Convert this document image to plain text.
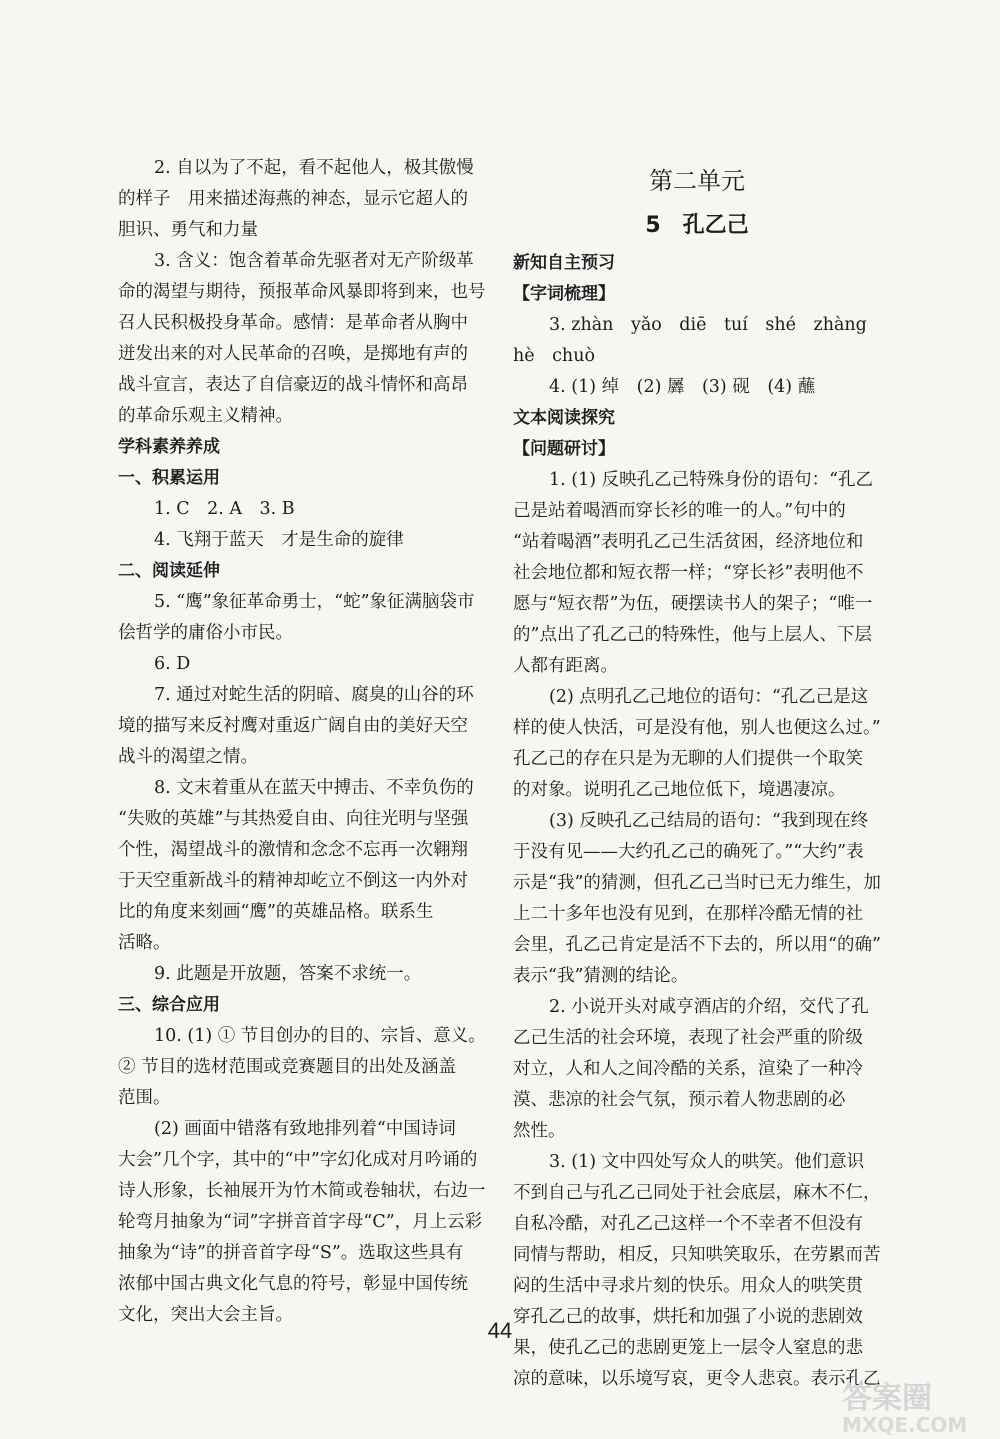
2. 自以为了不起，看不起他人，极其傲慢
的样子　用来描述海燕的神态，显示它超人的
胆识、勇气和力量
3. 含义：饱含着革命先驱者对无产阶级革
命的渴望与期待，预报革命风暴即将到来，也号
召人民积极投身革命。感情：是革命者从胸中
迸发出来的对人民革命的召唤，是掷地有声的
战斗宣言，表达了自信豪迈的战斗情怀和高昂
的革命乐观主义精神。
学科素养养成
一、积累运用
1. C　2. A　3. B
4. 飞翔于蓝天　才是生命的旋律
二、阅读延伸
5. “鹰”象征革命勇士，“蛇”象征满脑袋市
侩哲学的庸俗小市民。
6. D
7. 通过对蛇生活的阴暗、腐臭的山谷的环
境的描写来反衬鹰对重返广阔自由的美好天空
战斗的渴望之情。
8. 文末着重从在蓝天中搏击、不幸负伤的
“失败的英雄”与其热爱自由、向往光明与坚强
个性，渴望战斗的激情和念念不忘再一次翱翔
于天空重新战斗的精神却屹立不倒这一内外对
比的角度来刻画“鹰”的英雄品格。联系生
活略。
9. 此题是开放题，答案不求统一。
三、综合应用
10. (1) ① 节目创办的目的、宗旨、意义。
② 节目的选材范围或竞赛题目的出处及涵盖
范围。
(2) 画面中错落有致地排列着“中国诗词
大会”几个字，其中的“中”字幻化成对月吟诵的
诗人形象，长袖展开为竹木简或卷轴状，右边一
轮弯月抽象为“词”字拼音首字母“C”，月上云彩
抽象为“诗”的拼音首字母“S”。选取这些具有
浓郁中国古典文化气息的符号，彰显中国传统
文化，突出大会主旨。
第二单元
5　孔乙己
新知自主预习
【字词梳理】
3. zhàn　yǎo　diē　tuí　shé　zhàng
hè　chuò
4. (1) 绰　(2) 羼　(3) 砚　(4) 蘸
文本阅读探究
【问题研讨】
1. (1) 反映孔乙己特殊身份的语句：“孔乙
己是站着喝酒而穿长衫的唯一的人。”句中的
“站着喝酒”表明孔乙己生活贫困，经济地位和
社会地位都和短衣帮一样；“穿长衫”表明他不
愿与“短衣帮”为伍，硬摆读书人的架子；“唯一
的”点出了孔乙己的特殊性，他与上层人、下层
人都有距离。
(2) 点明孔乙己地位的语句：“孔乙己是这
样的使人快活，可是没有他，别人也便这么过。”
孔乙己的存在只是为无聊的人们提供一个取笑
的对象。说明孔乙己地位低下，境遇凄凉。
(3) 反映孔乙己结局的语句：“我到现在终
于没有见——大约孔乙己的确死了。”“大约”表
示是“我”的猜测，但孔乙己当时已无力维生，加
上二十多年也没有见到，在那样冷酷无情的社
会里，孔乙己肯定是活不下去的，所以用“的确”
表示“我”猜测的结论。
2. 小说开头对咸亨酒店的介绍，交代了孔
乙己生活的社会环境，表现了社会严重的阶级
对立，人和人之间冷酷的关系，渲染了一种冷
漠、悲凉的社会气氛，预示着人物悲剧的必
然性。
3. (1) 文中四处写众人的哄笑。他们意识
不到自己与孔乙己同处于社会底层，麻木不仁，
自私冷酷，对孔乙己这样一个不幸者不但没有
同情与帮助，相反，只知哄笑取乐，在劳累而苦
闷的生活中寻求片刻的快乐。用众人的哄笑贯
穿孔乙己的故事，烘托和加强了小说的悲剧效
果，使孔乙己的悲剧更笼上一层令人窒息的悲
凉的意味，以乐境写哀，更令人悲哀。表示孔乙
44
答案圈
MXQE.COM
